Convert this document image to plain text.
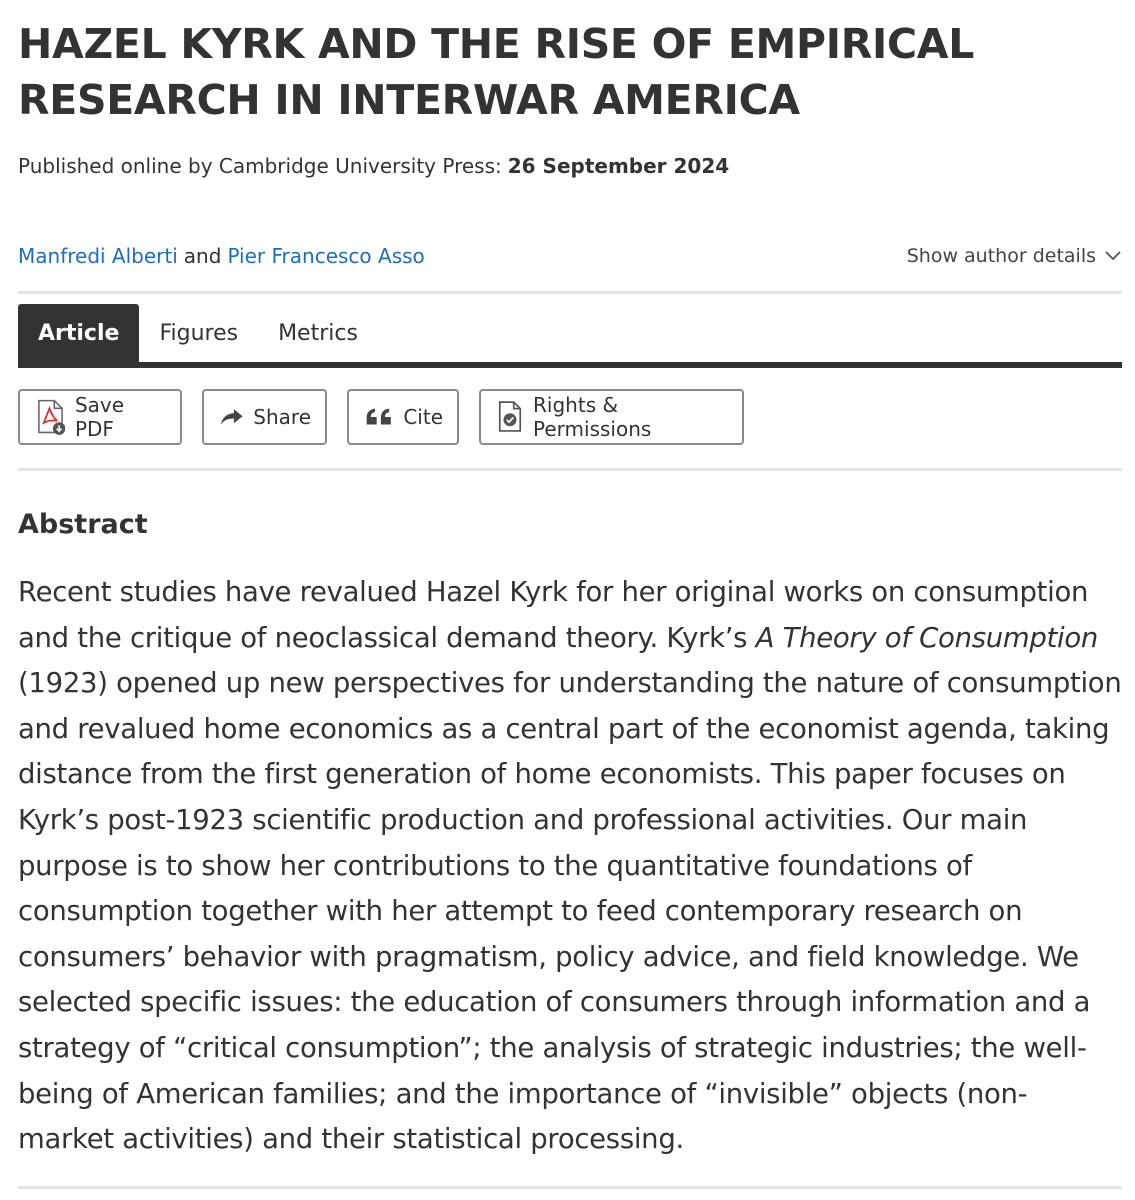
HAZEL KYRK AND THE RISE OF EMPIRICAL RESEARCH IN INTERWAR AMERICA
Published online by Cambridge University Press: 26 September 2024
Manfredi Alberti and Pier Francesco Asso	Show author details
Article	Figures	Metrics
Save PDF	Share	Cite	Rights & Permissions
Abstract

Recent studies have revalued Hazel Kyrk for her original works on consumption and the critique of neoclassical demand theory. Kyrk’s A Theory of Consumption (1923) opened up new perspectives for understanding the nature of consumption and revalued home economics as a central part of the economist agenda, taking distance from the first generation of home economists. This paper focuses on Kyrk’s post-1923 scientific production and professional activities. Our main purpose is to show her contributions to the quantitative foundations of consumption together with her attempt to feed contemporary research on consumers’ behavior with pragmatism, policy advice, and field knowledge. We selected specific issues: the education of consumers through information and a strategy of “critical consumption”; the analysis of strategic industries; the well-being of American families; and the importance of “invisible” objects (non-market activities) and their statistical processing.
